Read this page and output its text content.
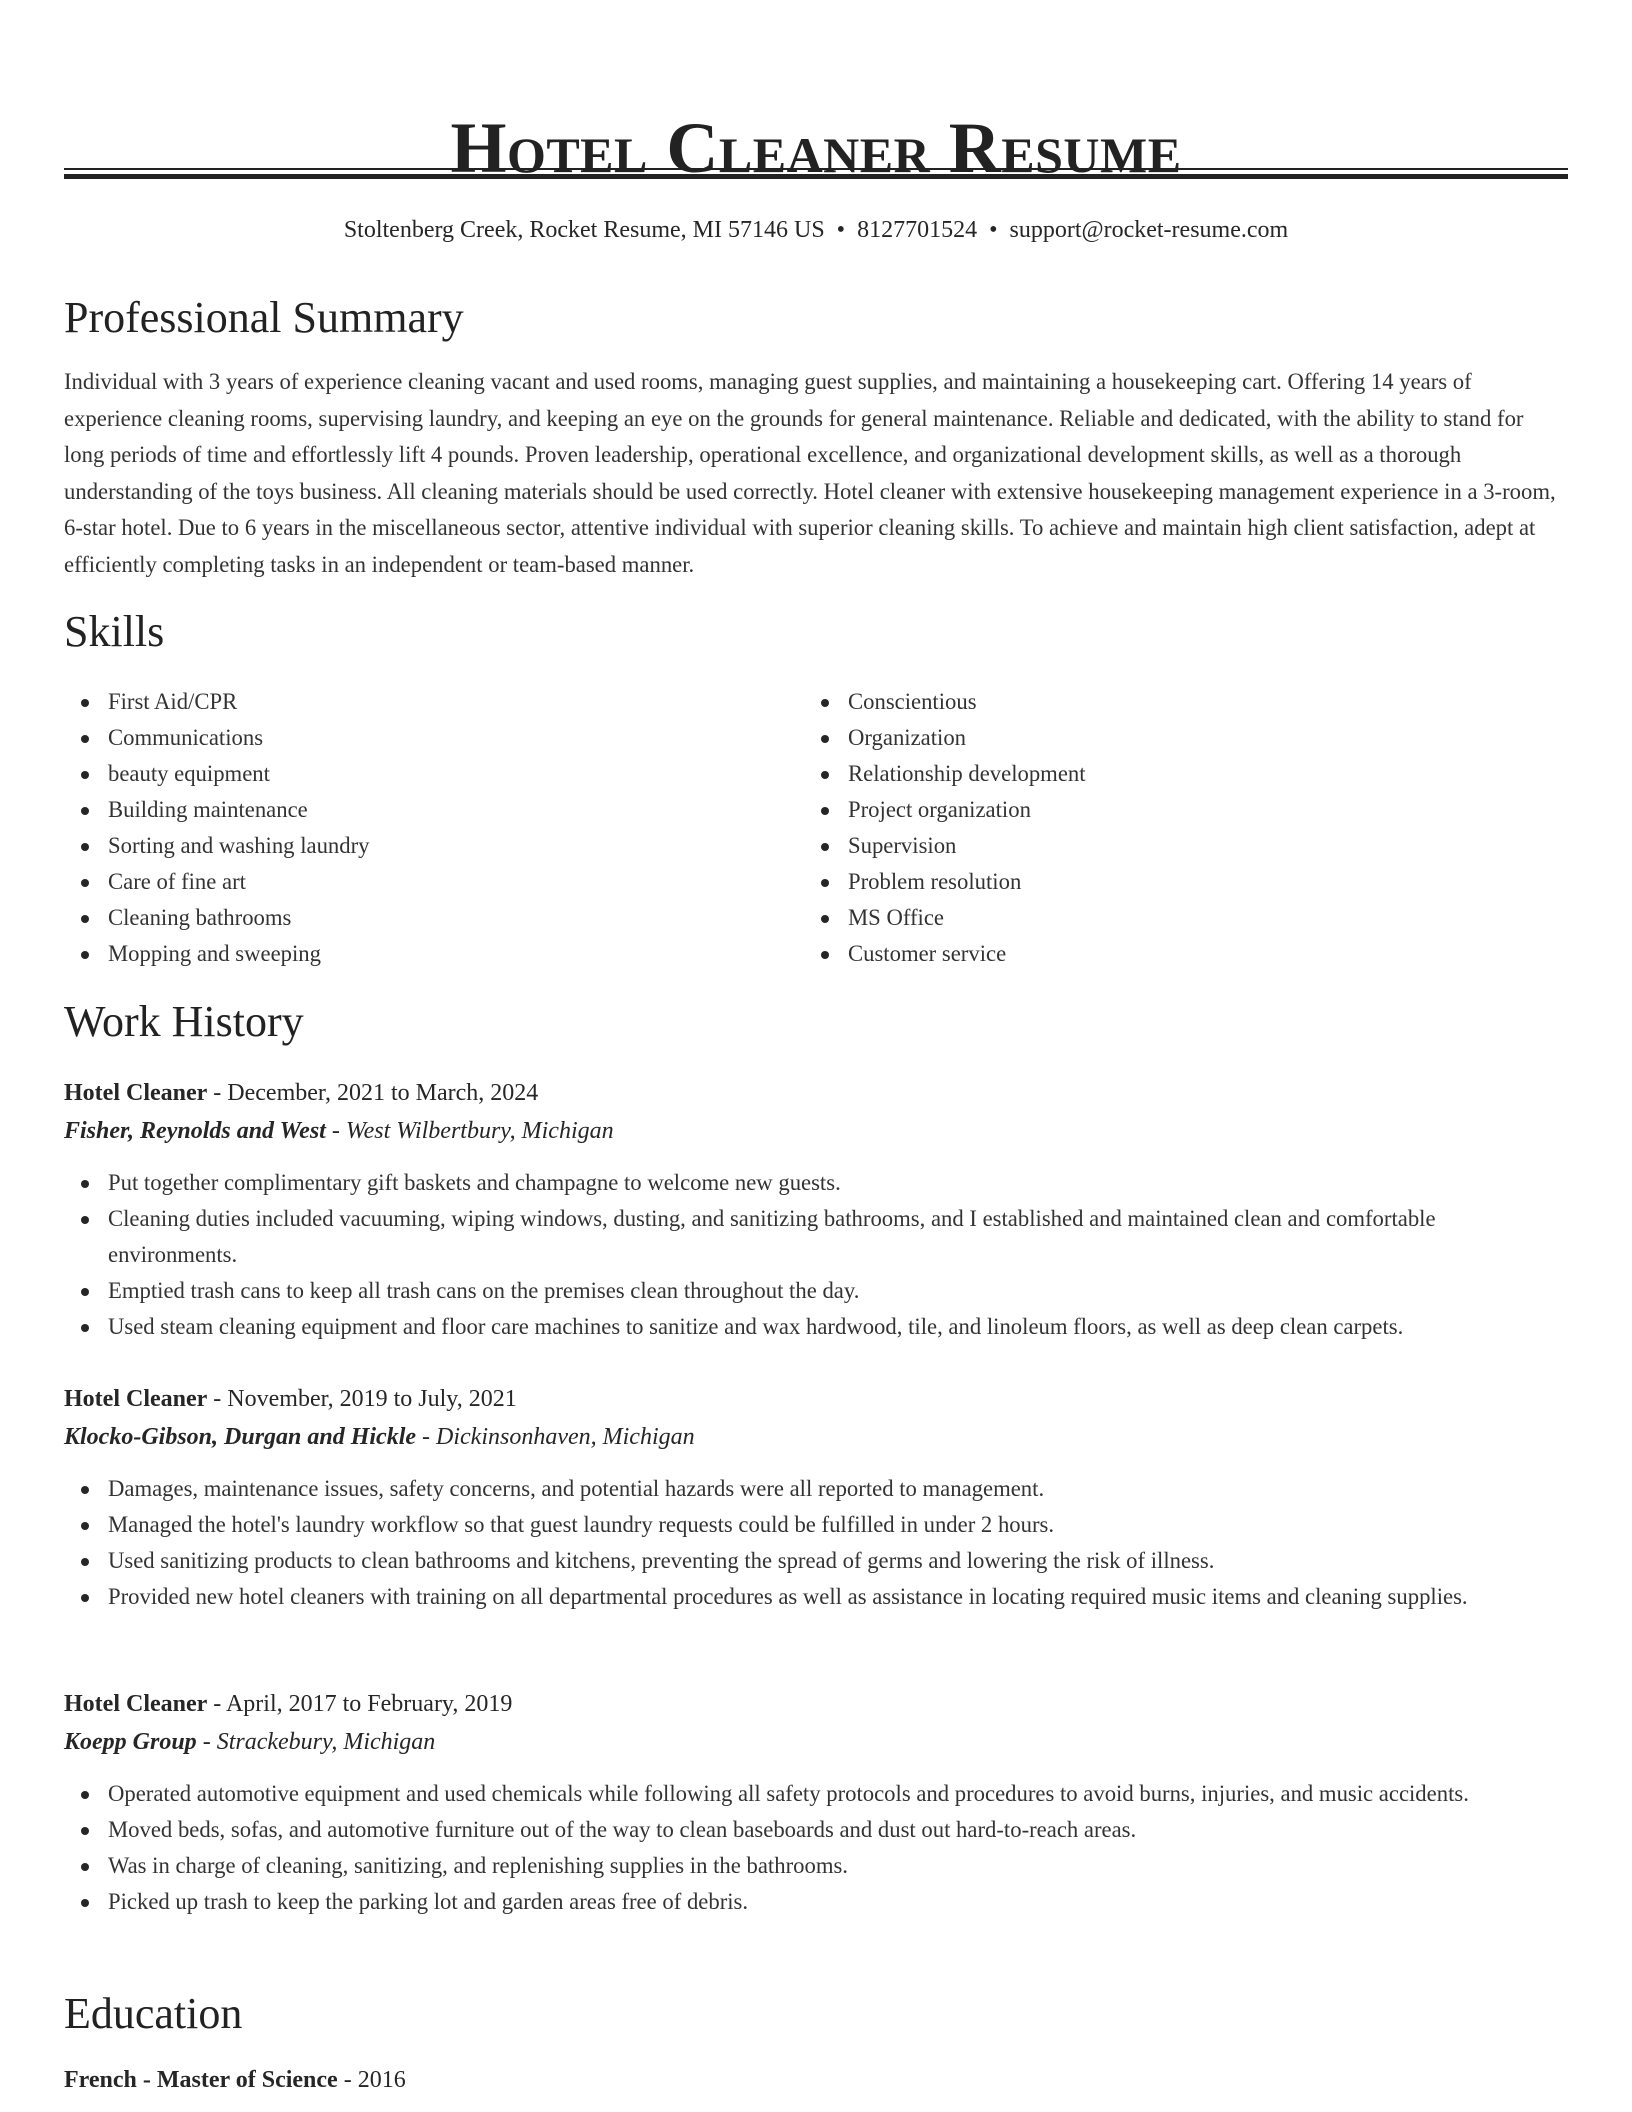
Hotel Cleaner Resume
Stoltenberg Creek, Rocket Resume, MI 57146 US • 8127701524 • support@rocket-resume.com
Professional Summary

Individual with 3 years of experience cleaning vacant and used rooms, managing guest supplies, and maintaining a housekeeping cart. Offering 14 years of experience cleaning rooms, supervising laundry, and keeping an eye on the grounds for general maintenance. Reliable and dedicated, with the ability to stand for long periods of time and effortlessly lift 4 pounds. Proven leadership, operational excellence, and organizational development skills, as well as a thorough understanding of the toys business. All cleaning materials should be used correctly. Hotel cleaner with extensive housekeeping management experience in a 3-room, 6-star hotel. Due to 6 years in the miscellaneous sector, attentive individual with superior cleaning skills. To achieve and maintain high client satisfaction, adept at efficiently completing tasks in an independent or team-based manner.

Skills
First Aid/CPR
Communications
beauty equipment
Building maintenance
Sorting and washing laundry
Care of fine art
Cleaning bathrooms
Mopping and sweeping
Conscientious
Organization
Relationship development
Project organization
Supervision
Problem resolution
MS Office
Customer service
Work History
Hotel Cleaner - December, 2021 to March, 2024
Fisher, Reynolds and West - West Wilbertbury, Michigan
Put together complimentary gift baskets and champagne to welcome new guests.
Cleaning duties included vacuuming, wiping windows, dusting, and sanitizing bathrooms, and I established and maintained clean and comfortable environments.
Emptied trash cans to keep all trash cans on the premises clean throughout the day.
Used steam cleaning equipment and floor care machines to sanitize and wax hardwood, tile, and linoleum floors, as well as deep clean carpets.
Hotel Cleaner - November, 2019 to July, 2021
Klocko-Gibson, Durgan and Hickle - Dickinsonhaven, Michigan
Damages, maintenance issues, safety concerns, and potential hazards were all reported to management.
Managed the hotel's laundry workflow so that guest laundry requests could be fulfilled in under 2 hours.
Used sanitizing products to clean bathrooms and kitchens, preventing the spread of germs and lowering the risk of illness.
Provided new hotel cleaners with training on all departmental procedures as well as assistance in locating required music items and cleaning supplies.
Hotel Cleaner - April, 2017 to February, 2019
Koepp Group - Strackebury, Michigan
Operated automotive equipment and used chemicals while following all safety protocols and procedures to avoid burns, injuries, and music accidents.
Moved beds, sofas, and automotive furniture out of the way to clean baseboards and dust out hard-to-reach areas.
Was in charge of cleaning, sanitizing, and replenishing supplies in the bathrooms.
Picked up trash to keep the parking lot and garden areas free of debris.
Education
French - Master of Science - 2016
